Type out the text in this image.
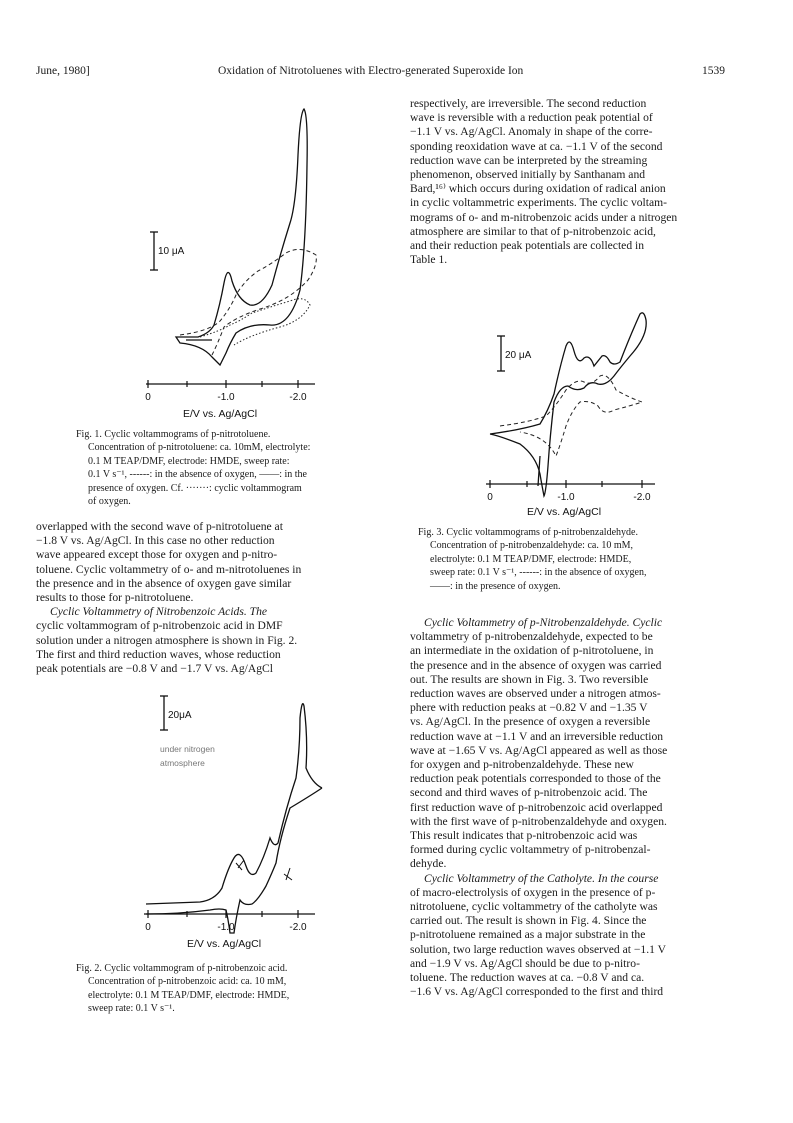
June, 1980]	Oxidation of Nitrotoluenes with Electro-generated Superoxide Ion	1539
10 μA
0	-1.0	-2.0
E/V vs. Ag/AgCl

Fig. 1. Cyclic voltammograms of p-nitrotoluene.

Concentration of p-nitrotoluene: ca. 10mM, electrolyte:

0.1 M TEAP/DMF, electrode: HMDE, sweep rate:

0.1 V s⁻¹, ------: in the absence of oxygen, ——: in the

presence of oxygen. Cf. ·······: cyclic voltammogram

of oxygen.

overlapped with the second wave of p-nitrotoluene at

−1.8 V vs. Ag/AgCl. In this case no other reduction

wave appeared except those for oxygen and p-nitro-

toluene. Cyclic voltammetry of o- and m-nitrotoluenes in

the presence and in the absence of oxygen gave similar

results to those for p-nitrotoluene.

Cyclic Voltammetry of Nitrobenzoic Acids. The

cyclic voltammogram of p-nitrobenzoic acid in DMF

solution under a nitrogen atmosphere is shown in Fig. 2.

The first and third reduction waves, whose reduction

peak potentials are −0.8 V and −1.7 V vs. Ag/AgCl

20μA
under nitrogen
atmosphere
0	-1.0	-2.0
E/V vs. Ag/AgCl

Fig. 2. Cyclic voltammogram of p-nitrobenzoic acid.

Concentration of p-nitrobenzoic acid: ca. 10 mM,

electrolyte: 0.1 M TEAP/DMF, electrode: HMDE,

sweep rate: 0.1 V s⁻¹.

respectively, are irreversible. The second reduction

wave is reversible with a reduction peak potential of

−1.1 V vs. Ag/AgCl. Anomaly in shape of the corre-

sponding reoxidation wave at ca. −1.1 V of the second

reduction wave can be interpreted by the streaming

phenomenon, observed initially by Santhanam and

Bard,¹⁶⁾ which occurs during oxidation of radical anion

in cyclic voltammetric experiments. The cyclic voltam-

mograms of o- and m-nitrobenzoic acids under a nitrogen

atmosphere are similar to that of p-nitrobenzoic acid,

and their reduction peak potentials are collected in

Table 1.

20 μA
0	-1.0	-2.0
E/V vs. Ag/AgCl

Fig. 3. Cyclic voltammograms of p-nitrobenzaldehyde.

Concentration of p-nitrobenzaldehyde: ca. 10 mM,

electrolyte: 0.1 M TEAP/DMF, electrode: HMDE,

sweep rate: 0.1 V s⁻¹, ------: in the absence of oxygen,

——: in the presence of oxygen.

Cyclic Voltammetry of p-Nitrobenzaldehyde. Cyclic

voltammetry of p-nitrobenzaldehyde, expected to be

an intermediate in the oxidation of p-nitrotoluene, in

the presence and in the absence of oxygen was carried

out. The results are shown in Fig. 3. Two reversible

reduction waves are observed under a nitrogen atmos-

phere with reduction peaks at −0.82 V and −1.35 V

vs. Ag/AgCl. In the presence of oxygen a reversible

reduction wave at −1.1 V and an irreversible reduction

wave at −1.65 V vs. Ag/AgCl appeared as well as those

for oxygen and p-nitrobenzaldehyde. These new

reduction peak potentials corresponded to those of the

second and third waves of p-nitrobenzoic acid. The

first reduction wave of p-nitrobenzoic acid overlapped

with the first wave of p-nitrobenzaldehyde and oxygen.

This result indicates that p-nitrobenzoic acid was

formed during cyclic voltammetry of p-nitrobenzal-

dehyde.

Cyclic Voltammetry of the Catholyte. In the course

of macro-electrolysis of oxygen in the presence of p-

nitrotoluene, cyclic voltammetry of the catholyte was

carried out. The result is shown in Fig. 4. Since the

p-nitrotoluene remained as a major substrate in the

solution, two large reduction waves observed at −1.1 V

and −1.9 V vs. Ag/AgCl should be due to p-nitro-

toluene. The reduction waves at ca. −0.8 V and ca.

−1.6 V vs. Ag/AgCl corresponded to the first and third
